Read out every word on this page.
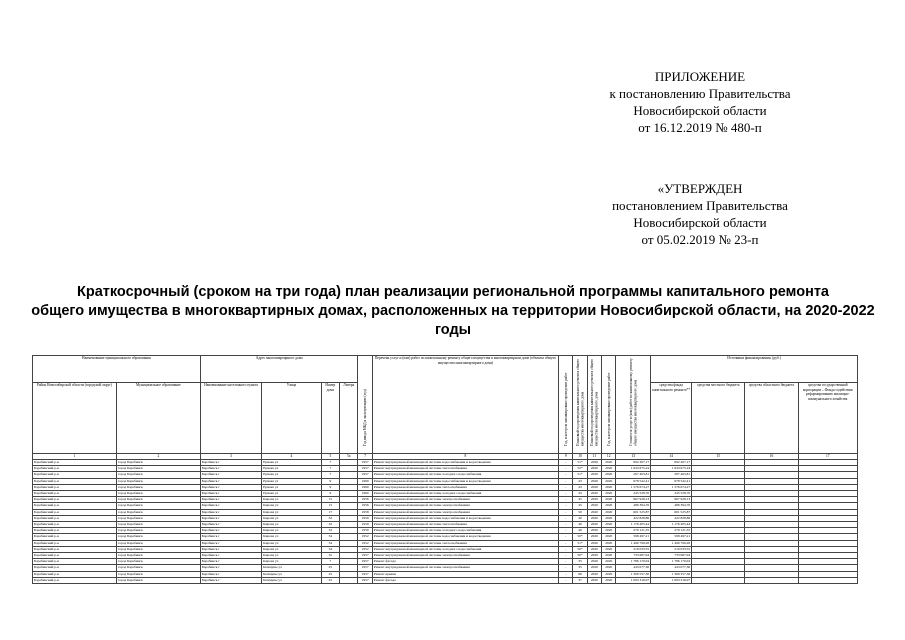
ПРИЛОЖЕНИЕ
к постановлению Правительства
Новосибирской области
от 16.12.2019 № 480-п
«УТВЕРЖДЕН
постановлением Правительства
Новосибирской области
от 05.02.2019 № 23-п
Краткосрочный (сроком на три года) план реализации региональной программы капитального ремонта
общего имущества в многоквартирных домах, расположенных на территории Новосибирской области, на 2020-2022
годы
Наименование муниципального образования		Адрес многоквартирного дома				Год ввода МКД в эксплуатацию (год)	Перечень услуг и (или) работ по капитальному ремонту общего имущества в многоквартирном доме (объекты общего имущества многоквартирного дома)	Год, в котором запланировано проведение работ	Плановый год проведения капитального ремонта общего имущества многоквартирного дома	Плановый год проведения капитального ремонта общего имущества многоквартирного дома	Год, в котором запланировано проведение работ	Стоимость услуг и (или) работ по капитальному ремонту общего имущества многоквартирного дома	Источники финансирования, (руб.)			
Район Новосибирской области (городской округ)	Муниципальное образование	Наименование населенного пункта	Улица	Номер дома	Литера								средства фонда капитального ремонта**	средства местного бюджета	средства областного бюджета	средства государственной корпорации – Фонда содействия реформированию жилищно-коммунального хозяйства
1	2	3	4	5	5а	7	8	9	10	11	12	13	14	15	16	17
Барабинский р-н	город Барабинск	Барабинск г	Ермака ул	7		1957	Ремонт внутридомовой инженерной системы водоснабжения и водоотведения	-	51*	2020	2020	692 207,17	692 207,17			
Барабинский р-н	город Барабинск	Барабинск г	Ермака ул	7		1957	Ремонт внутридомовой инженерной системы теплоснабжения	-	52*	2020	2020	1 643 675,24	1 643 675,24			
Барабинский р-н	город Барабинск	Барабинск г	Ермака ул	7		1957	Ремонт внутридомовой инженерной системы холодного водоснабжения	-	51*	2020	2020	297 463,81	297 463,81			
Барабинский р-н	город Барабинск	Барабинск г	Ермака ул	9		1960	Ремонт внутридомовой инженерной системы водоснабжения и водоотведения	-	43	2020	2020	678 542,41	678 542,41			
Барабинский р-н	город Барабинск	Барабинск г	Ермака ул	9		1960	Ремонт внутридомовой инженерной системы теплоснабжения	-	43	2020	2020	1 576 674,27	1 576 674,27			
Барабинский р-н	город Барабинск	Барабинск г	Ермака ул	9		1960	Ремонт внутридомовой инженерной системы холодного водоснабжения	-	43	2020	2020	245 528,70	245 528,70			
Барабинский р-н	город Барабинск	Барабинск г	Кирова ул	15		1956	Ремонт внутридомовой инженерной системы электроснабжения	-	45	2020	2020	967 928,13	967 928,13			
Барабинский р-н	город Барабинск	Барабинск г	Кирова ул	15		1956	Ремонт внутридомовой инженерной системы электроснабжения	-	45	2020	2020	486 394,76	486 394,76			
Барабинский р-н	город Барабинск	Барабинск г	Кирова ул	17		1958	Ремонт внутридомовой инженерной системы электроснабжения	-	50	2020	2020	601 525,87	601 525,87			
Барабинский р-н	город Барабинск	Барабинск г	Кирова ул	32		1959	Ремонт внутридомовой инженерной системы водоснабжения и водоотведения	-	40	2020	2020	422 828,86	422 828,86			
Барабинский р-н	город Барабинск	Барабинск г	Кирова ул	32		1959	Ремонт внутридомовой инженерной системы теплоснабжения	-	40	2020	2020	1 176 205,44	1 176 205,44			
Барабинский р-н	город Барабинск	Барабинск г	Кирова ул	32		1959	Ремонт внутридомовой инженерной системы холодного водоснабжения	-	40	2020	2020	279 121,55	279 121,55			
Барабинский р-н	город Барабинск	Барабинск г	Кирова ул	34		1952	Ремонт внутридомовой инженерной системы водоснабжения и водоотведения	-	50*	2020	2020	598 497,21	598 497,21			
Барабинский р-н	город Барабинск	Барабинск г	Кирова ул	34		1952	Ремонт внутридомовой инженерной системы теплоснабжения	-	51*	2020	2020	1 490 799,28	1 490 799,28			
Барабинский р-н	город Барабинск	Барабинск г	Кирова ул	34		1952	Ремонт внутридомовой инженерной системы холодного водоснабжения	-	50*	2020	2020	210 033,55	210 033,55			
Барабинский р-н	город Барабинск	Барабинск г	Кирова ул	3а		1957	Ремонт внутридомовой инженерной системы электроснабжения	-	50*	2020	2020	733 687,94	733 687,94			
Барабинский р-н	город Барабинск	Барабинск г	Кирова ул	7		1957	Ремонт фасада	-	35	2020	2020	1 786 170,04	1 786 170,04			
Барабинский р-н	город Барабинск	Барабинск г	Коммуны ул	25		1957	Ремонт внутридомовой инженерной системы электроснабжения	-	35	2020	2020	443 077,30	443 077,30			
Барабинский р-н	город Барабинск	Барабинск г	Коммуны ул	25		1957	Ремонт крыши	-	86	2020	2020	1 309 557,30	1 309 557,30			
Барабинский р-н	город Барабинск	Барабинск г	Коммуны ул	25		1957	Ремонт фасада	-	37	2020	2020	1 093 316,07	1 093 316,07			
